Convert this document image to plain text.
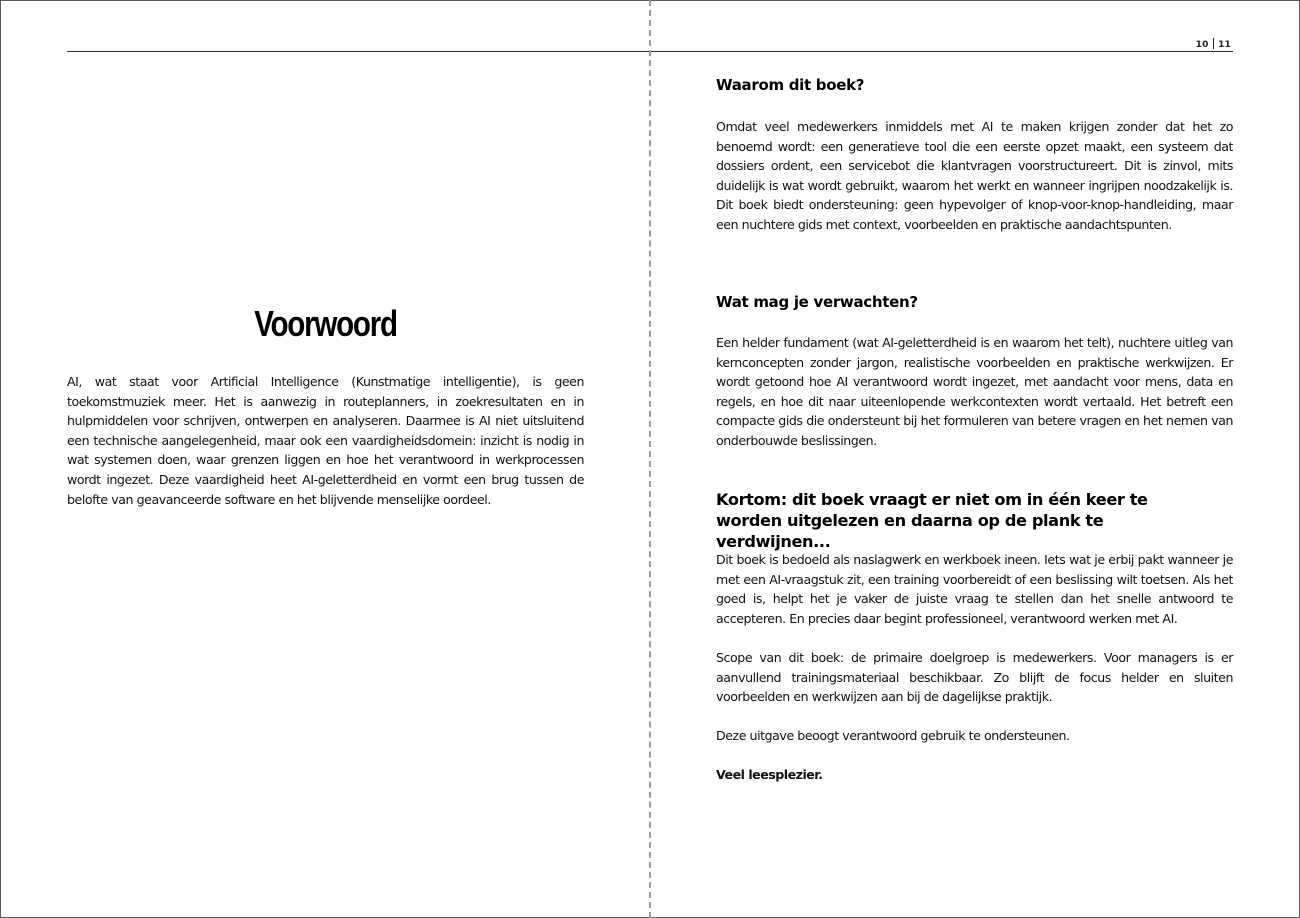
10 11
Voorwoord
AI, wat staat voor Artificial Intelligence (Kunstmatige intelligentie), is geen toekomstmuziek meer. Het is aanwezig in routeplanners, in zoekresultaten en in hulpmiddelen voor schrijven, ontwerpen en analyseren. Daarmee is AI niet uitsluitend een technische aangelegenheid, maar ook een vaardigheidsdomein: inzicht is nodig in wat systemen doen, waar grenzen liggen en hoe het verantwoord in werkprocessen wordt ingezet. Deze vaardigheid heet AI-geletterdheid en vormt een brug tussen de belofte van geavanceerde software en het blijvende menselijke oordeel.
Waarom dit boek?
Omdat veel medewerkers inmiddels met AI te maken krijgen zonder dat het zo benoemd wordt: een generatieve tool die een eerste opzet maakt, een systeem dat dossiers ordent, een servicebot die klantvragen voorstructureert. Dit is zinvol, mits duidelijk is wat wordt gebruikt, waarom het werkt en wanneer ingrijpen noodzakelijk is. Dit boek biedt ondersteuning: geen hypevolger of knop-voor-knop-handleiding, maar een nuchtere gids met context, voorbeelden en praktische aandachtspunten.
Wat mag je verwachten?
Een helder fundament (wat AI-geletterdheid is en waarom het telt), nuchtere uitleg van kernconcepten zonder jargon, realistische voorbeelden en praktische werkwijzen. Er wordt getoond hoe AI verantwoord wordt ingezet, met aandacht voor mens, data en regels, en hoe dit naar uiteenlopende werkcontexten wordt vertaald. Het betreft een compacte gids die ondersteunt bij het formuleren van betere vragen en het nemen van onderbouwde beslissingen.
Kortom: dit boek vraagt er niet om in één keer te worden uitgelezen en daarna op de plank te verdwijnen...
Dit boek is bedoeld als naslagwerk en werkboek ineen. Iets wat je erbij pakt wanneer je met een AI-vraagstuk zit, een training voorbereidt of een beslissing wilt toetsen. Als het goed is, helpt het je vaker de juiste vraag te stellen dan het snelle antwoord te accepteren. En precies daar begint professioneel, verantwoord werken met AI.
Scope van dit boek: de primaire doelgroep is medewerkers. Voor managers is er aanvullend trainingsmateriaal beschikbaar. Zo blijft de focus helder en sluiten voorbeelden en werkwijzen aan bij de dagelijkse praktijk.
Deze uitgave beoogt verantwoord gebruik te ondersteunen.
Veel leesplezier.
